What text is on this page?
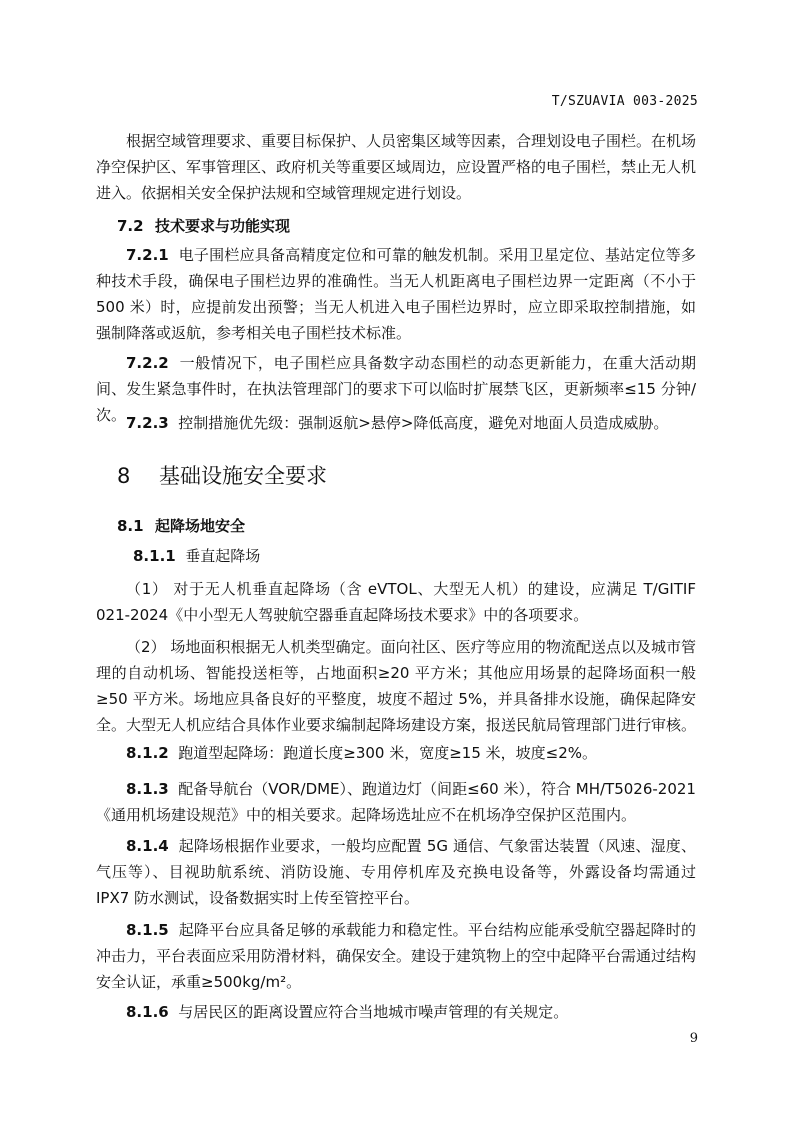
T/SZUAVIA 003-2025

根据空域管理要求、重要目标保护、人员密集区域等因素，合理划设电子围栏。在机场净空保护区、军事管理区、政府机关等重要区域周边，应设置严格的电子围栏，禁止无人机进入。依据相关安全保护法规和空域管理规定进行划设。

7.2 技术要求与功能实现

7.2.1 电子围栏应具备高精度定位和可靠的触发机制。采用卫星定位、基站定位等多种技术手段，确保电子围栏边界的准确性。当无人机距离电子围栏边界一定距离（不小于 500 米）时，应提前发出预警；当无人机进入电子围栏边界时，应立即采取控制措施，如强制降落或返航，参考相关电子围栏技术标准。

7.2.2 一般情况下，电子围栏应具备数字动态围栏的动态更新能力，在重大活动期间、发生紧急事件时，在执法管理部门的要求下可以临时扩展禁飞区，更新频率≤15 分钟/次。 7.2.3 控制措施优先级：强制返航>悬停>降低高度，避免对地面人员造成威胁。

8 基础设施安全要求
8.1 起降场地安全

8.1.1 垂直起降场

（1） 对于无人机垂直起降场（含 eVTOL、大型无人机）的建设，应满足 T/GITIF 021-2024《中小型无人驾驶航空器垂直起降场技术要求》中的各项要求。

（2） 场地面积根据无人机类型确定。面向社区、医疗等应用的物流配送点以及城市管理的自动机场、智能投送柜等，占地面积≥20 平方米；其他应用场景的起降场面积一般≥50 平方米。场地应具备良好的平整度，坡度不超过 5%，并具备排水设施，确保起降安全。大型无人机应结合具体作业要求编制起降场建设方案，报送民航局管理部门进行审核。

8.1.2 跑道型起降场：跑道长度≥300 米，宽度≥15 米，坡度≤2%。

8.1.3 配备导航台（VOR/DME）、跑道边灯（间距≤60 米），符合 MH/T5026-2021《通用机场建设规范》中的相关要求。起降场选址应不在机场净空保护区范围内。

8.1.4 起降场根据作业要求，一般均应配置 5G 通信、气象雷达装置（风速、湿度、气压等）、目视助航系统、消防设施、专用停机库及充换电设备等，外露设备均需通过 IPX7 防水测试，设备数据实时上传至管控平台。

8.1.5 起降平台应具备足够的承载能力和稳定性。平台结构应能承受航空器起降时的冲击力，平台表面应采用防滑材料，确保安全。建设于建筑物上的空中起降平台需通过结构安全认证，承重≥500kg/m²。

8.1.6 与居民区的距离设置应符合当地城市噪声管理的有关规定。

9
